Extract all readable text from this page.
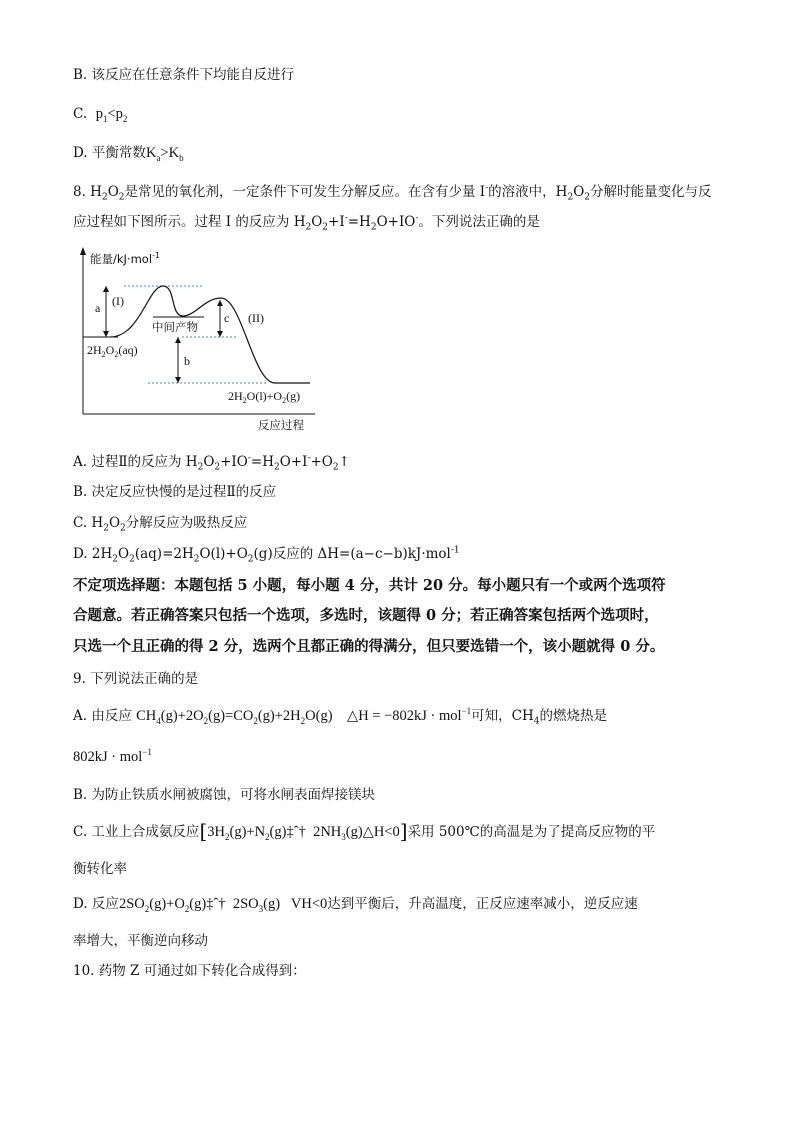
B. 该反应在任意条件下均能自反进行
C. $p_1<p_2$
D. 平衡常数$K_a>K_b$
8. $H_2O_2$是常见的氧化剂，一定条件下可发生分解反应。在含有少量 I-的溶液中，$H_2O_2$分解时能量变化与反
应过程如下图所示。过程 I 的反应为 $H_2O_2+I^-=H_2O+IO^-$。下列说法正确的是
能量/kJ·mol$^{-1}$
反应过程
a (I)
c (II)
b
中间产物
$2H_2O_2(aq)$
$2H_2O(l)+O_2(g)$
A. 过程Ⅱ的反应为 $H_2O_2+IO^-=H_2O+I^-+O_2↑$
B. 决定反应快慢的是过程Ⅱ的反应
C. $H_2O_2$分解反应为吸热反应
D. $2H_2O_2(aq)=2H_2O(l)+O_2(g)$反应的 ΔH=(a−c−b)kJ·mol$^{-1}$
不定项选择题：本题包括 5 小题，每小题 4 分，共计 20 分。每小题只有一个或两个选项符
合题意。若正确答案只包括一个选项，多选时，该题得 0 分；若正确答案包括两个选项时，
只选一个且正确的得 2 分，选两个且都正确的得满分，但只要选错一个，该小题就得 0 分。
9. 下列说法正确的是
A. 由反应 $CH_4(g)+2O_2(g)=CO_2(g)+2H_2O(g)$ △H = −802kJ · mol$^{-1}$可知，$CH_4$的燃烧热是
802kJ · mol$^{-1}$
B. 为防止铁质水闸被腐蚀，可将水闸表面焊接镁块
C. 工业上合成氨反应[$3H_2(g)+N_2(g)\ddagger ˆ\dagger$ $2NH_3(g)\triangle H<0$]采用 500℃的高温是为了提高反应物的平
衡转化率
D. 反应$2SO_2(g)+O_2(g)\ddagger ˆ\dagger$ $2SO_3(g)$ VH<0达到平衡后，升高温度，正反应速率减小，逆反应速
率增大，平衡逆向移动
10. 药物 Z 可通过如下转化合成得到：
